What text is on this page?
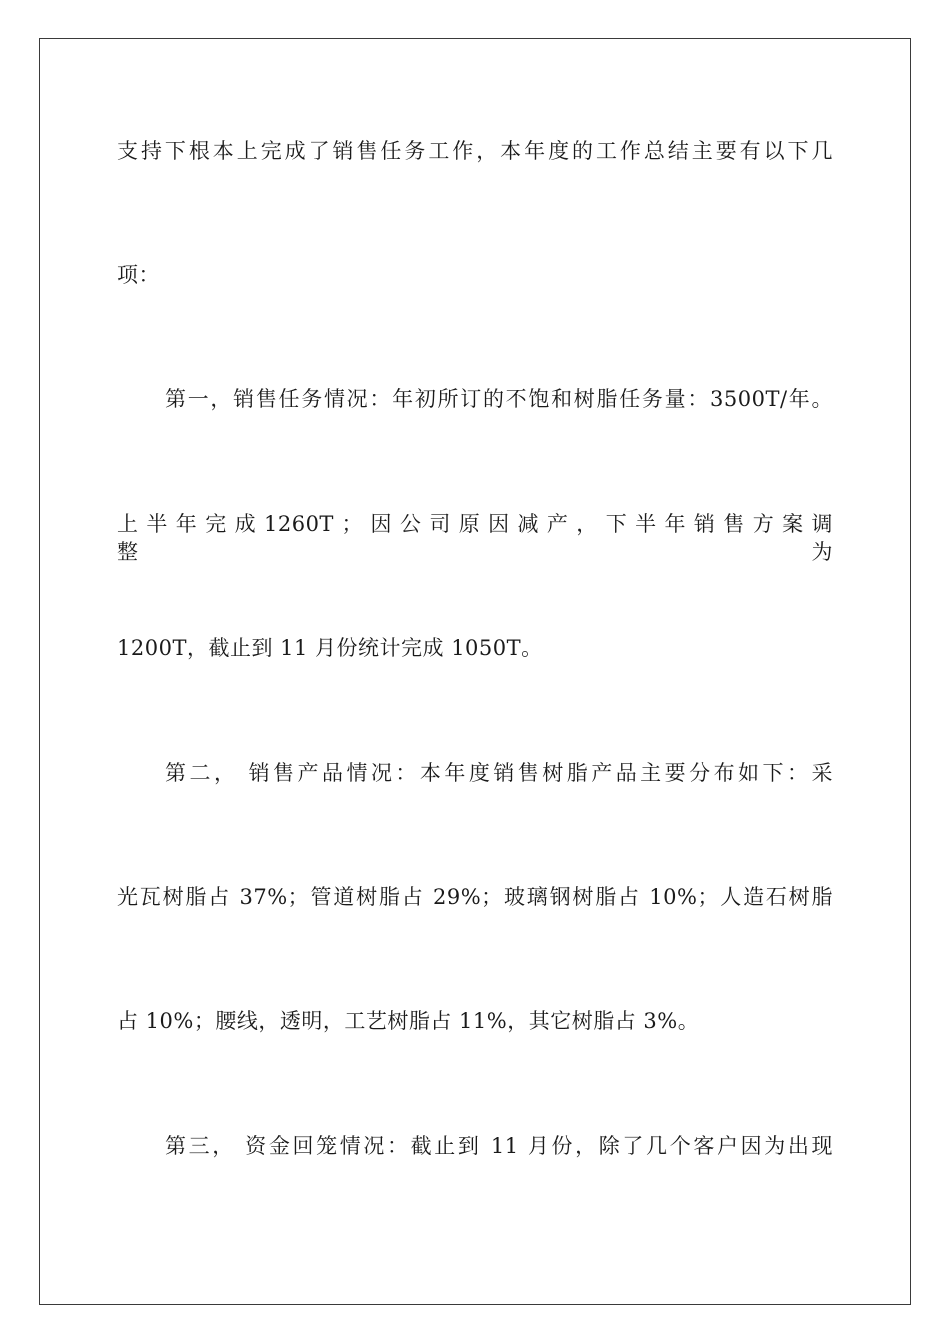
支持下根本上完成了销售任务工作，本年度的工作总结主要有以下几
项：
第一，销售任务情况：年初所订的不饱和树脂任务量：3500T/年。
上 半 年 完 成 1260T ； 因 公 司 原 因 减 产 ， 下 半 年 销 售 方 案 调 整 为
1200T，截止到 11 月份统计完成 1050T。
第二， 销售产品情况：本年度销售树脂产品主要分布如下：采
光瓦树脂占 37%；管道树脂占 29%；玻璃钢树脂占 10%；人造石树脂
占 10%；腰线，透明，工艺树脂占 11%，其它树脂占 3%。
第三， 资金回笼情况：截止到 11 月份，除了几个客户因为出现
